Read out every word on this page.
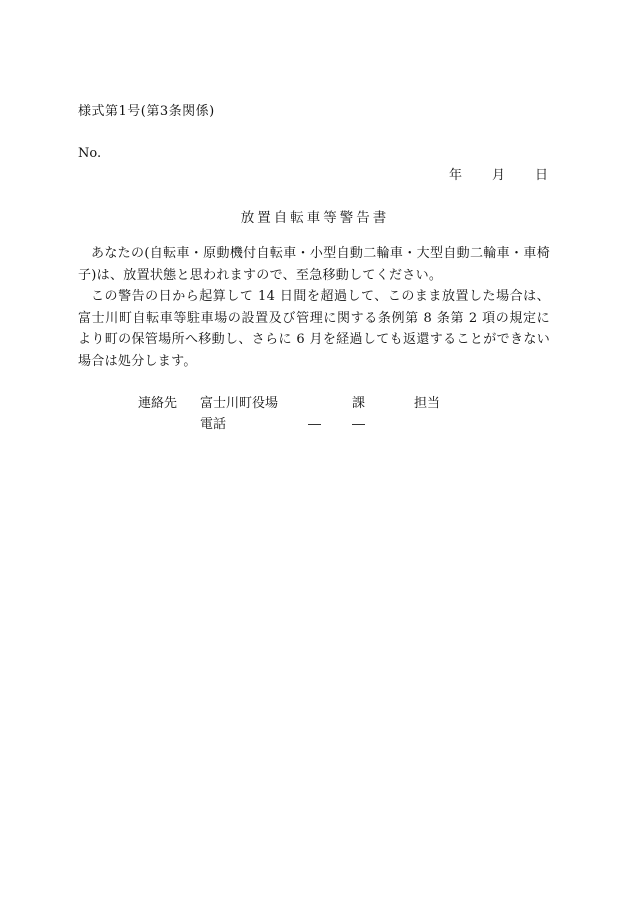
様式第1号(第3条関係)
No.
年 月 日
放置自転車等警告書

あなたの(自転車・原動機付自転車・小型自動二輪車・大型自動二輪車・車椅子)は、放置状態と思われますので、至急移動してください。

この警告の日から起算して 14 日間を超過して、このまま放置した場合は、富士川町自転車等駐車場の設置及び管理に関する条例第 8 条第 2 項の規定により町の保管場所へ移動し、さらに 6 月を経過しても返還することができない場合は処分します。

連絡先 富士川町役場	課	担当
電話	― ―
